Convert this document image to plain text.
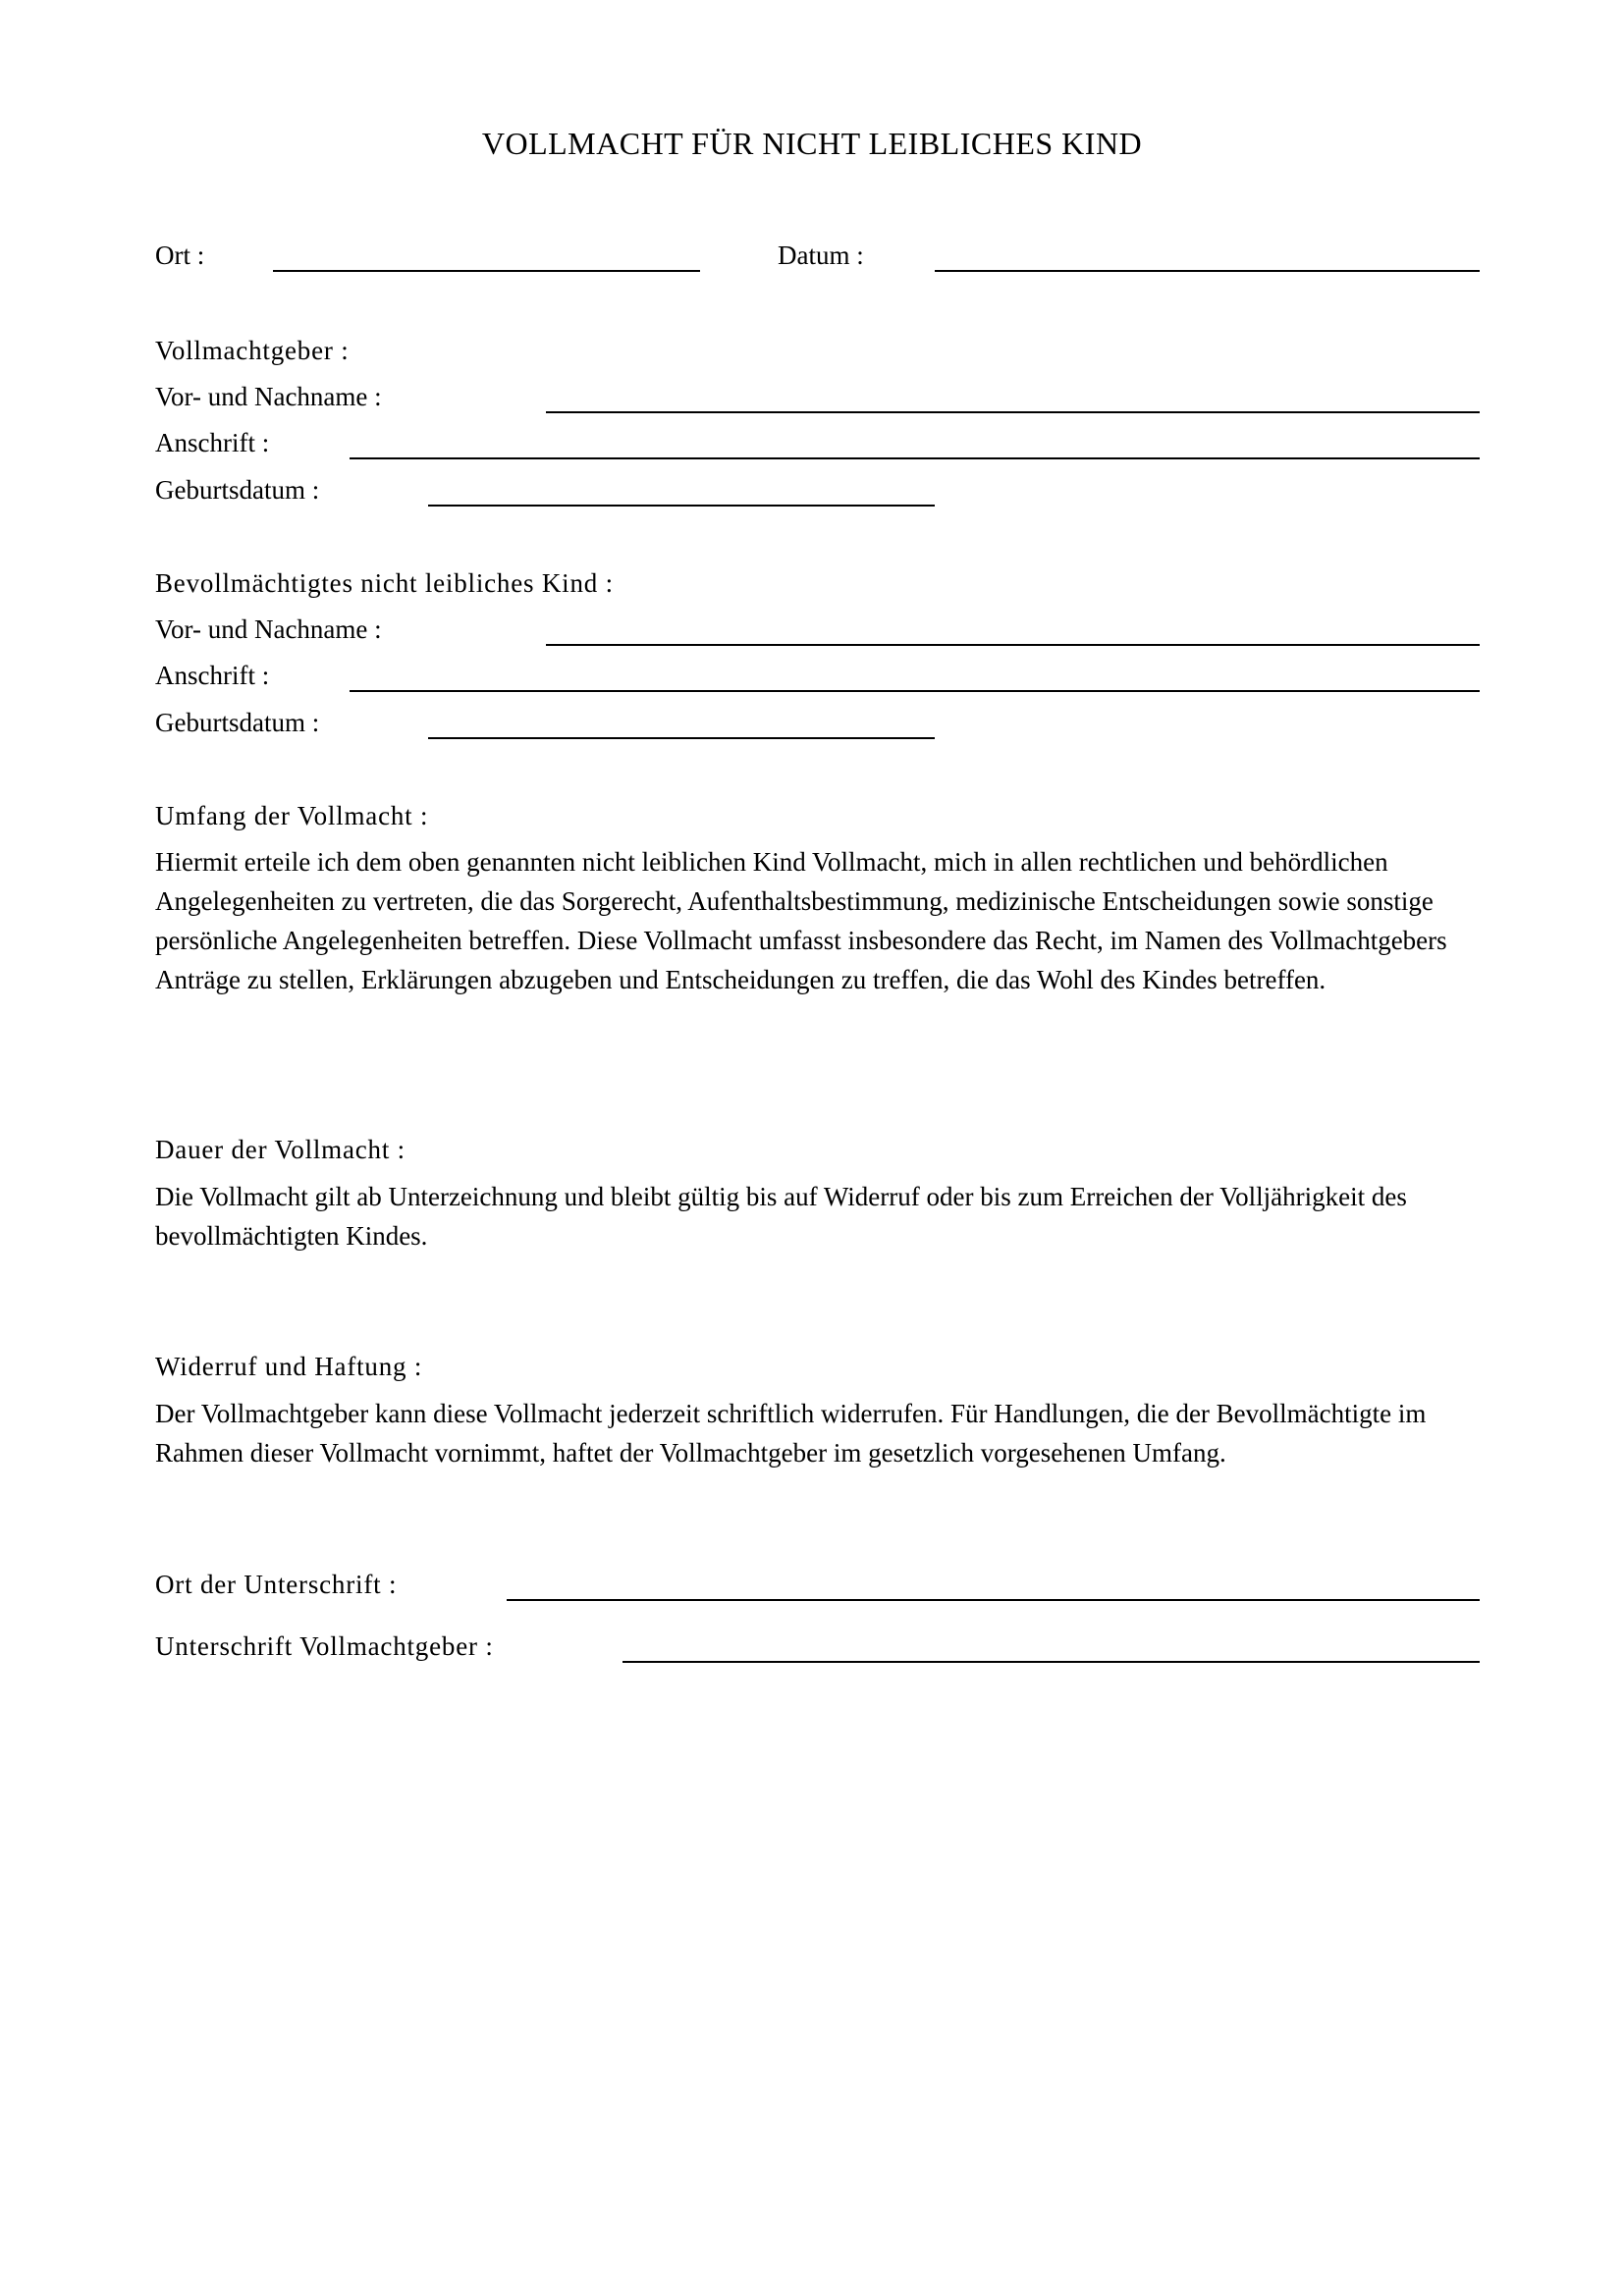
VOLLMACHT FÜR NICHT LEIBLICHES KIND
Ort :	Datum :
Vollmachtgeber :
Vor- und Nachname :
Anschrift :
Geburtsdatum :
Bevollmächtigtes nicht leibliches Kind :
Vor- und Nachname :
Anschrift :
Geburtsdatum :
Umfang der Vollmacht :
Hiermit erteile ich dem oben genannten nicht leiblichen Kind Vollmacht, mich in allen rechtlichen und behördlichen Angelegenheiten zu vertreten, die das Sorgerecht, Aufenthaltsbestimmung, medizinische Entscheidungen sowie sonstige persönliche Angelegenheiten betreffen. Diese Vollmacht umfasst insbesondere das Recht, im Namen des Vollmachtgebers Anträge zu stellen, Erklärungen abzugeben und Entscheidungen zu treffen, die das Wohl des Kindes betreffen.
Dauer der Vollmacht :
Die Vollmacht gilt ab Unterzeichnung und bleibt gültig bis auf Widerruf oder bis zum Erreichen der Volljährigkeit des bevollmächtigten Kindes.
Widerruf und Haftung :
Der Vollmachtgeber kann diese Vollmacht jederzeit schriftlich widerrufen. Für Handlungen, die der Bevollmächtigte im Rahmen dieser Vollmacht vornimmt, haftet der Vollmachtgeber im gesetzlich vorgesehenen Umfang.
Ort der Unterschrift :
Unterschrift Vollmachtgeber :
